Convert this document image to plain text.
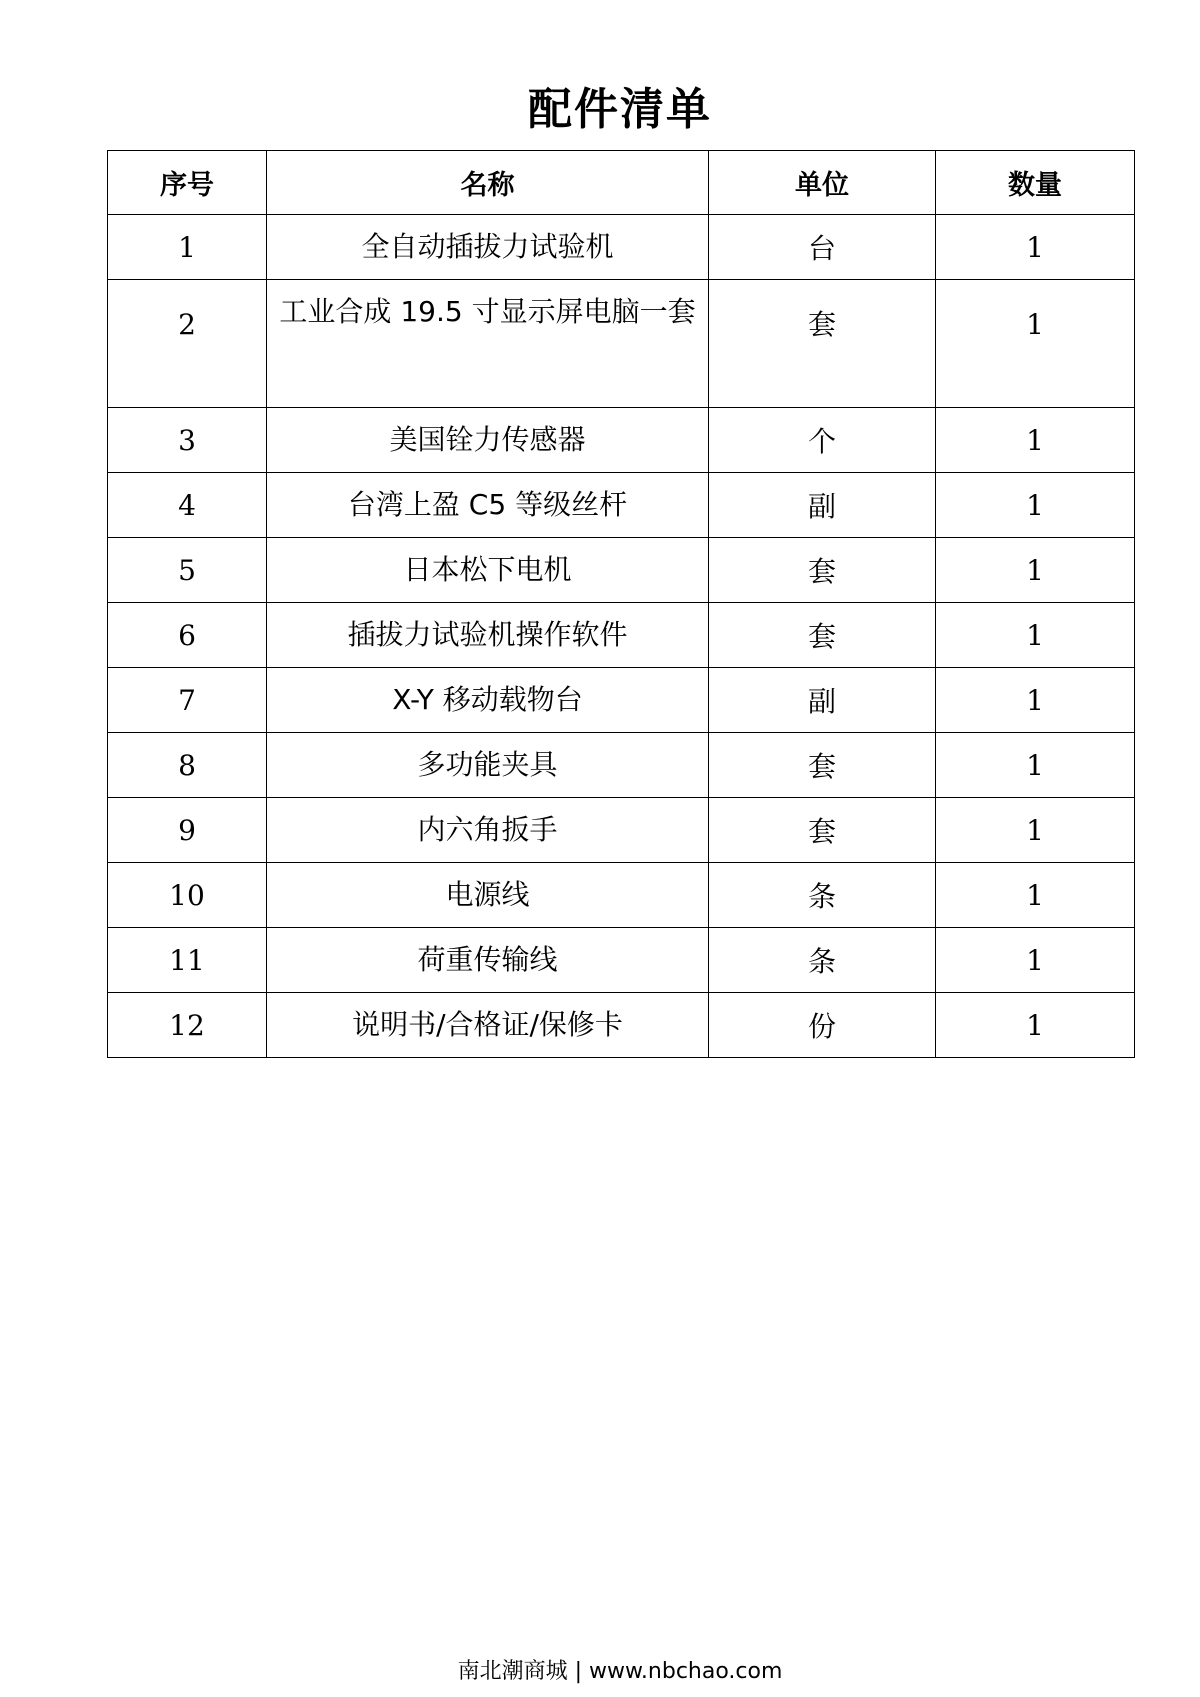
配件清单
序号	名称	单位	数量
1	全自动插拔力试验机	台	1

2	工业合成 19.5 寸显示屏电脑一套	套	1

3	美国铨力传感器	个	1
4	台湾上盈 C5 等级丝杆	副	1
5	日本松下电机	套	1
6	插拔力试验机操作软件	套	1
7	X-Y 移动载物台	副	1
8	多功能夹具	套	1
9	内六角扳手	套	1
10	电源线	条	1
11	荷重传输线	条	1
12	说明书/合格证/保修卡	份	1
南北潮商城 | www.nbchao.com
